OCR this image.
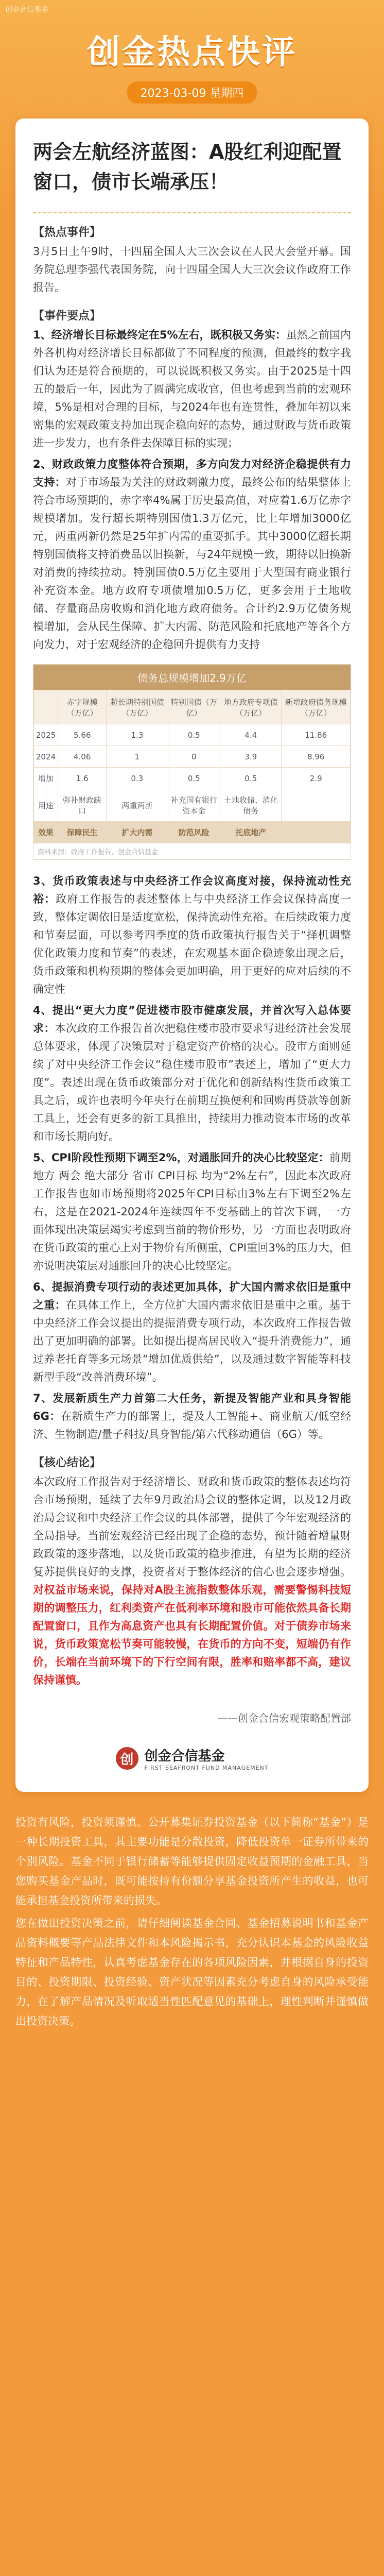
创金合信基金
创金热点快评
2023-03-09 星期四
两会左航经济蓝图：A股红利迎配置窗口，债市长端承压！
【热点事件】
3月5日上午9时，十四届全国人大三次会议在人民大会堂开幕。国务院总理李强代表国务院，向十四届全国人大三次会议作政府工作报告。
【事件要点】
1、经济增长目标最终定在5%左右，既积极又务实：虽然之前国内外各机构对经济增长目标都做了不同程度的预测，但最终的数字我们认为还是符合预期的，可以说既积极又务实。由于2025是十四五的最后一年，因此为了圆满完成收官，但也考虑到当前的宏观环境，5%是相对合理的目标，与2024年也有连贯性，叠加年初以来密集的宏观政策支持加出现企稳向好的态势，通过财政与货币政策进一步发力，也有条件去保障目标的实现；
2、财政政策力度整体符合预期，多方向发力对经济企稳提供有力支持：对于市场最为关注的财政刺激力度，最终公布的结果整体上符合市场预期的，赤字率4%属于历史最高值，对应着1.6万亿赤字规模增加。发行超长期特别国债1.3万亿元，比上年增加3000亿元，两重两新仍然是25年扩内需的重要抓手。其中3000亿超长期特别国债将支持消费品以旧换新，与24年规模一致，期待以旧换新对消费的持续拉动。特别国债0.5万亿主要用于大型国有商业银行补充资本金。地方政府专项债增加0.5万亿，更多会用于土地收储、存量商品房收购和消化地方政府债务。合计约2.9万亿债务规模增加，会从民生保障、扩大内需、防范风险和托底地产等各个方向发力，对于宏观经济的企稳回升提供有力支持
债务总规模增加2.9万亿
	赤字规模（万亿）	超长期特别国债（万亿）	特别国债（万亿）	地方政府专项债（万亿）	新增政府债务规模（万亿）
2025	5.66	1.3	0.5	4.4	11.86
2024	4.06	1	0	3.9	8.96
增加	1.6	0.3	0.5	0.5	2.9
用途	弥补财政缺口	两重两新	补充国有银行资本金	土地收储、消化债务	
效果	保障民生	扩大内需	防范风险	托底地产	
资料来源：政府工作报告，创金合信基金
3、货币政策表述与中央经济工作会议高度对接，保持流动性充裕：政府工作报告的表述整体上与中央经济工作会议保持高度一致，整体定调依旧是适度宽松，保持流动性充裕。在后续政策力度和节奏层面，可以参考四季度的货币政策执行报告关于“择机调整优化政策力度和节奏”的表述，在宏观基本面企稳迹象出现之后，货币政策和机构预期的整体会更加明确，用于更好的应对后续的不确定性
4、提出“更大力度”促进楼市股市健康发展，并首次写入总体要求：本次政府工作报告首次把稳住楼市股市要求写进经济社会发展总体要求，体现了决策层对于稳定资产价格的决心。股市方面则延续了对中央经济工作会议“稳住楼市股市”表述上，增加了“更大力度”。表述出现在货币政策部分对于优化和创新结构性货币政策工具之后，或许也表明今年央行在前期互换便利和回购再贷款等创新工具上，还会有更多的新工具推出，持续用力推动资本市场的改革和市场长期向好。
5、CPI阶段性预期下调至2%，对通胀回升的决心比较坚定：前期 地方 两会 绝大部分 省市 CPI目标 均为“2%左右”，因此本次政府工作报告也如市场预期将2025年CPI目标由3%左右下调至2%左右，这是在2021-2024年连续四年不变基础上的首次下调，一方面体现出决策层竭实考虑到当前的物价形势，另一方面也表明政府在货币政策的重心上对于物价有所侧重，CPI重回3%的压力大，但亦说明决策层对通胀回升的决心比较坚定。
6、提振消费专项行动的表述更加具体，扩大国内需求依旧是重中之重：在具体工作上，全方位扩大国内需求依旧是重中之重。基于中央经济工作会议提出的提振消费专项行动，本次政府工作报告做出了更加明确的部署。比如提出提高居民收入“提升消费能力”，通过养老托育等多元场景“增加优质供给”，以及通过数字智能等科技新型手段“改善消费环境”。
7、发展新质生产力首第二大任务，新提及智能产业和具身智能6G：在新质生产力的部署上，提及人工智能+、商业航天/低空经济、生物制造/量子科技/具身智能/第六代移动通信（6G）等。
【核心结论】
本次政府工作报告对于经济增长、财政和货币政策的整体表述均符合市场预期，延续了去年9月政治局会议的整体定调，以及12月政治局会议和中央经济工作会议的具体部署，提供了今年宏观经济的全局指导。当前宏观经济已经出现了企稳的态势，预计随着增量财政政策的逐步落地，以及货币政策的稳步推进，有望为长期的经济复苏提供良好的支撑，投资者对于整体经济的信心也会逐步增强。对权益市场来说，保持对A股主流指数整体乐观，需要警惕科技短期的调整压力，红利类资产在低利率环境和股市可能依然具备长期配置窗口，且作为高息资产也具有长期配置价值。对于债券市场来说，货币政策宽松节奏可能较慢，在货币的方向不变，短端仍有作价，长端在当前环境下的下行空间有限，胜率和赔率都不高，建议保持谨慎。
——创金合信宏观策略配置部
创 创金合信基金
FIRST SEAFRONT FUND MANAGEMENT

投资有风险，投资须谨慎。公开募集证券投资基金（以下简称“基金”）是一种长期投资工具，其主要功能是分散投资，降低投资单一证券所带来的个别风险。基金不同于银行储蓄等能够提供固定收益预期的金融工具，当您购买基金产品时，既可能按持有份额分享基金投资所产生的收益，也可能承担基金投资所带来的损失。

您在做出投资决策之前，请仔细阅读基金合同、基金招募说明书和基金产品资料概要等产品法律文件和本风险揭示书，充分认识本基金的风险收益特征和产品特性，认真考虑基金存在的各项风险因素，并根据自身的投资目的、投资期限、投资经验、资产状况等因素充分考虑自身的风险承受能力，在了解产品情况及听取适当性匹配意见的基础上，理性判断并谨慎做出投资决策。
